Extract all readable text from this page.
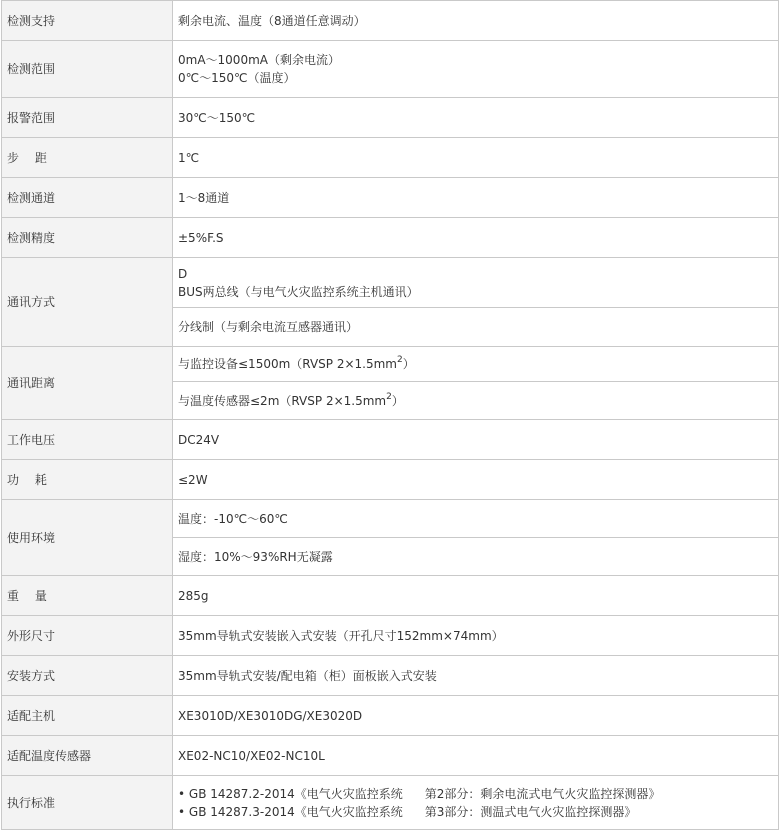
检测支持	剩余电流、温度（8通道任意调动）
检测范围	0mA～1000mA（剩余电流）
0℃～150℃（温度）

报警范围	30℃～150℃
步　 距	1℃
检测通道	1～8通道
检测精度	±5%F.S
通讯方式	D
BUS两总线（与电气火灾监控系统主机通讯）

	分线制（与剩余电流互感器通讯）
通讯距离	与监控设备≤1500m（RVSP $2\times 1.5mm^2$）
	与温度传感器≤2m（RVSP $2\times 1.5mm^2$）
工作电压	DC24V
功　 耗	≤2W
使用环境	温度：-10℃～60℃
	湿度：10%～93%RH无凝露
重　 量	285g
外形尺寸	35mm导轨式安装嵌入式安装（开孔尺寸152mm×74mm）
安装方式	35mm导轨式安装/配电箱（柜）面板嵌入式安装
适配主机	XE3010D/XE3010DG/XE3020D
适配温度传感器	XE02-NC10/XE02-NC10L
执行标准	• GB 14287.2-2014《电气火灾监控系统 第2部分：剩余电流式电气火灾监控探测器》
• GB 14287.3-2014《电气火灾监控系统 第3部分：测温式电气火灾监控探测器》
